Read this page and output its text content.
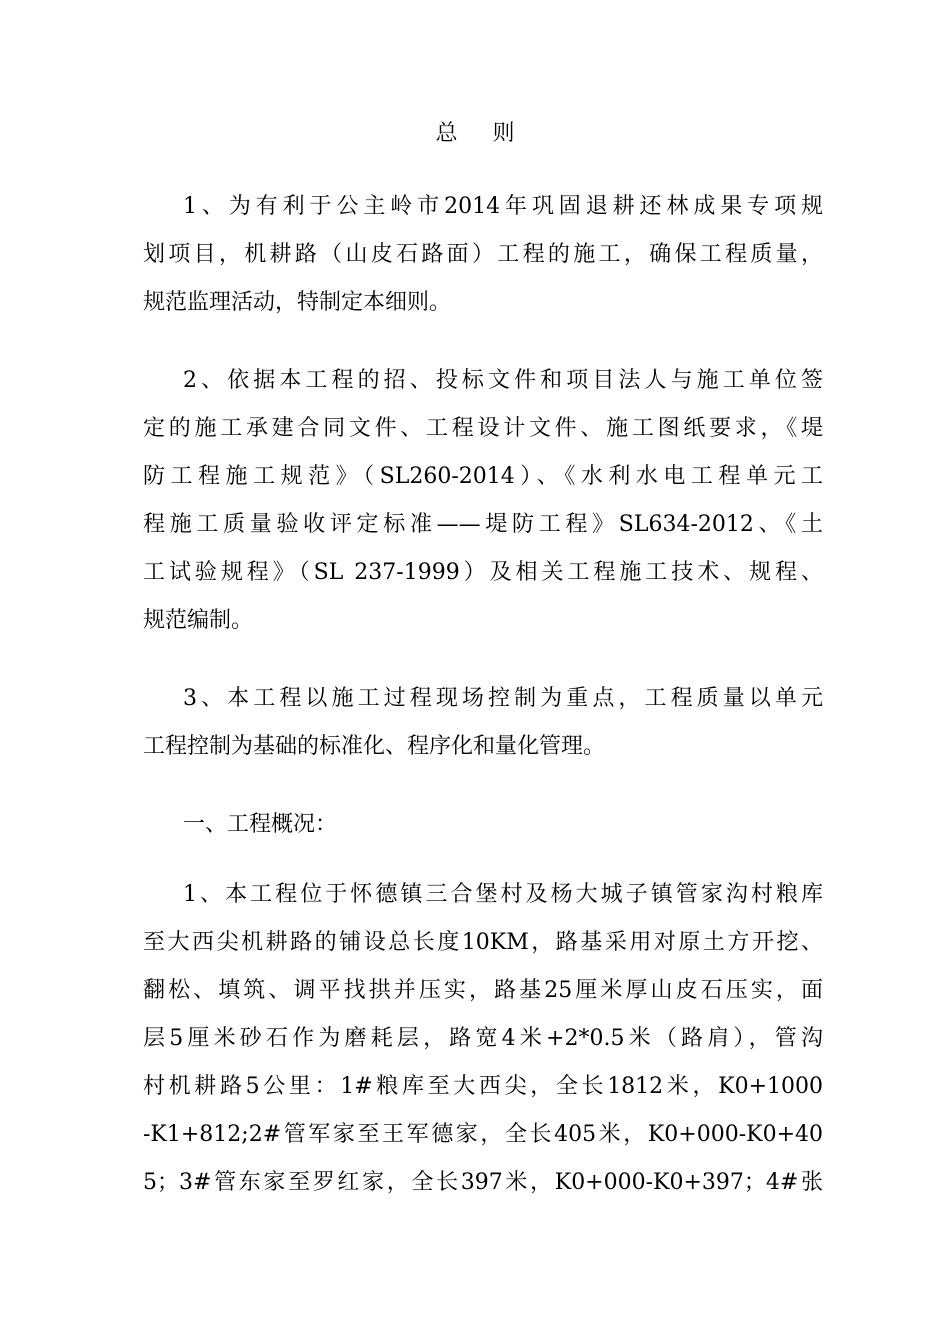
总 则
1、为有利于公主岭市2014年巩固退耕还林成果专项规
划项目，机耕路（山皮石路面）工程的施工，确保工程质量，
规范监理活动，特制定本细则。
2、依据本工程的招、投标文件和项目法人与施工单位签
定的施工承建合同文件、工程设计文件、施工图纸要求，《堤
防工程施工规范》（SL260-2014）、《水利水电工程单元工
程施工质量验收评定标准——堤防工程》SL634-2012、《土
工试验规程》（SL 237-1999）及相关工程施工技术、规程、
规范编制。
3、本工程以施工过程现场控制为重点，工程质量以单元
工程控制为基础的标准化、程序化和量化管理。
一、工程概况：
1、本工程位于怀德镇三合堡村及杨大城子镇管家沟村粮库
至大西尖机耕路的铺设总长度10KM，路基采用对原土方开挖、
翻松、填筑、调平找拱并压实，路基25厘米厚山皮石压实，面
层5厘米砂石作为磨耗层，路宽4米+2*0.5米（路肩），管沟
村机耕路5公里：1#粮库至大西尖，全长1812米，K0+1000
-K1+812;2#管军家至王军德家，全长405米，K0+000-K0+40
5；3#管东家至罗红家，全长397米，K0+000-K0+397；4#张
